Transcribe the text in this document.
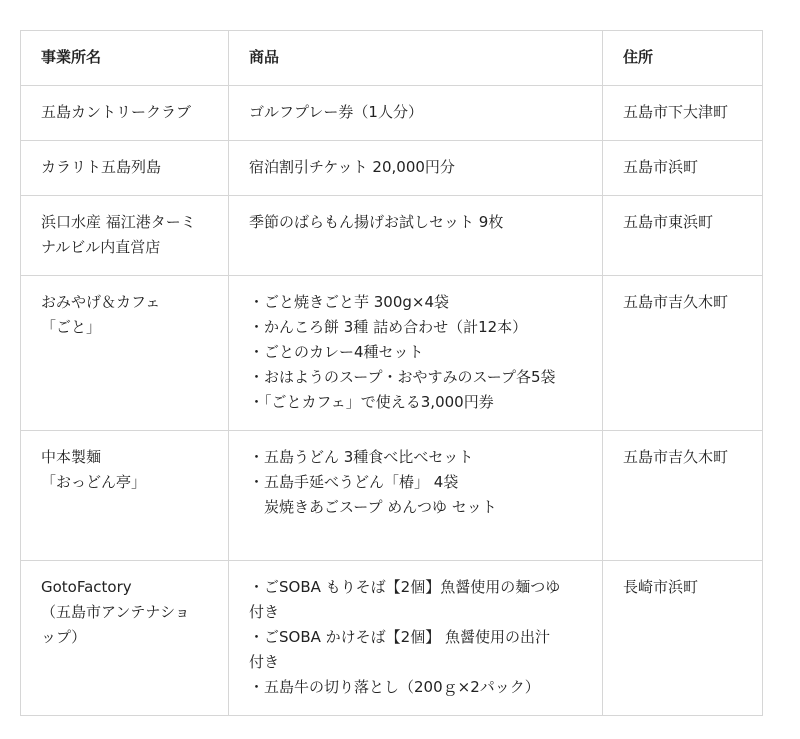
事業所名	商品	住所

五島カントリークラブ	ゴルフプレー券（1人分）	五島市下大津町

カラリト五島列島	宿泊割引チケット 20,000円分	五島市浜町

浜口水産 福江港ターミ
ナルビル内直営店	季節のばらもん揚げお試しセット 9枚	五島市東浜町

おみやげ＆カフェ
「ごと」	・ごと焼きごと芋 300g×4袋
・かんころ餅 3種 詰め合わせ（計12本）
・ごとのカレー4種セット
・おはようのスープ・おやすみのスープ各5袋
・「ごとカフェ」で使える3,000円券	五島市吉久木町

中本製麺
「おっどん亭」	・五島うどん 3種食べ比べセット
・五島手延べうどん「椿」 4袋
　炭焼きあごスープ めんつゆ セット	五島市吉久木町

GotoFactory
（五島市アンテナショ
ップ）	・ごSOBA もりそば【2個】魚醤使用の麺つゆ
付き
・ごSOBA かけそば【2個】 魚醤使用の出汁
付き
・五島牛の切り落とし（200ｇ×2パック）	長崎市浜町
